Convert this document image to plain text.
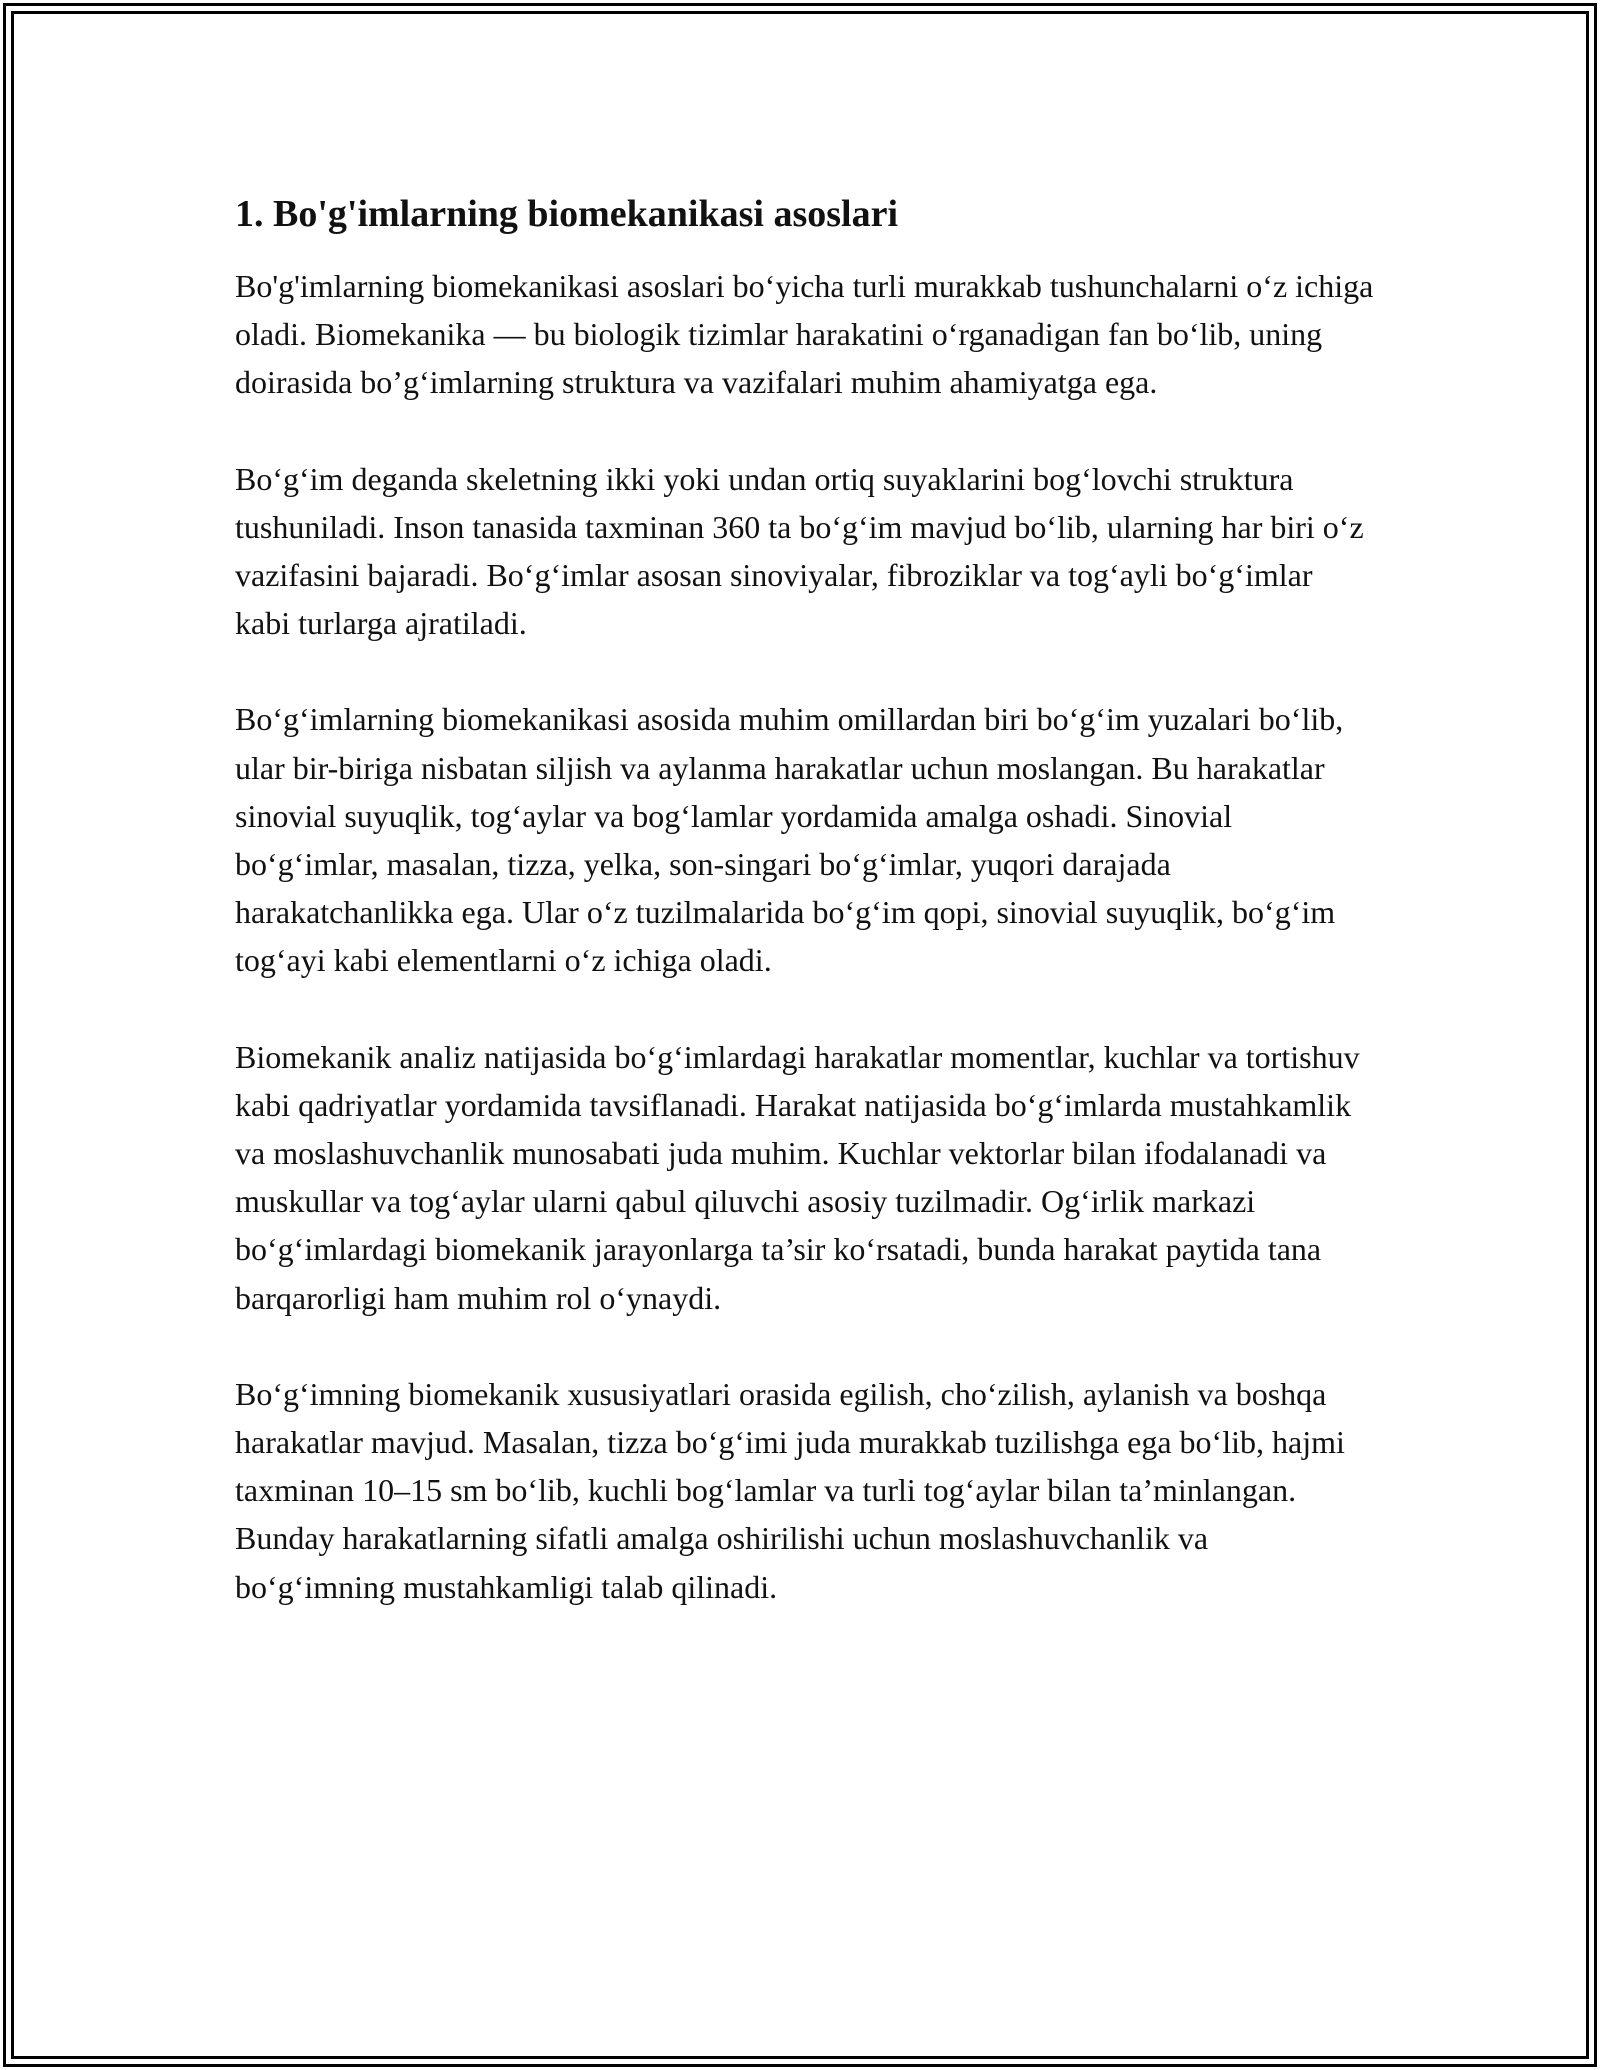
1. Bo'g'imlarning biomekanikasi asoslari

Bo'g'imlarning biomekanikasi asoslari bo‘yicha turli murakkab tushunchalarni o‘z ichiga oladi. Biomekanika — bu biologik tizimlar harakatini o‘rganadigan fan bo‘lib, uning doirasida bo’g‘imlarning struktura va vazifalari muhim ahamiyatga ega.

Bo‘g‘im deganda skeletning ikki yoki undan ortiq suyaklarini bog‘lovchi struktura tushuniladi. Inson tanasida taxminan 360 ta bo‘g‘im mavjud bo‘lib, ularning har biri o‘z vazifasini bajaradi. Bo‘g‘imlar asosan sinoviyalar, fibroziklar va tog‘ayli bo‘g‘imlar kabi turlarga ajratiladi.

Bo‘g‘imlarning biomekanikasi asosida muhim omillardan biri bo‘g‘im yuzalari bo‘lib, ular bir-biriga nisbatan siljish va aylanma harakatlar uchun moslangan. Bu harakatlar sinovial suyuqlik, tog‘aylar va bog‘lamlar yordamida amalga oshadi. Sinovial bo‘g‘imlar, masalan, tizza, yelka, son-singari bo‘g‘imlar, yuqori darajada harakatchanlikka ega. Ular o‘z tuzilmalarida bo‘g‘im qopi, sinovial suyuqlik, bo‘g‘im tog‘ayi kabi elementlarni o‘z ichiga oladi.

Biomekanik analiz natijasida bo‘g‘imlardagi harakatlar momentlar, kuchlar va tortishuv kabi qadriyatlar yordamida tavsiflanadi. Harakat natijasida bo‘g‘imlarda mustahkamlik va moslashuvchanlik munosabati juda muhim. Kuchlar vektorlar bilan ifodalanadi va muskullar va tog‘aylar ularni qabul qiluvchi asosiy tuzilmadir. Og‘irlik markazi bo‘g‘imlardagi biomekanik jarayonlarga ta’sir ko‘rsatadi, bunda harakat paytida tana barqarorligi ham muhim rol o‘ynaydi.

Bo‘g‘imning biomekanik xususiyatlari orasida egilish, cho‘zilish, aylanish va boshqa harakatlar mavjud. Masalan, tizza bo‘g‘imi juda murakkab tuzilishga ega bo‘lib, hajmi taxminan 10–15 sm bo‘lib, kuchli bog‘lamlar va turli tog‘aylar bilan ta’minlangan. Bunday harakatlarning sifatli amalga oshirilishi uchun moslashuvchanlik va bo‘g‘imning mustahkamligi talab qilinadi.
